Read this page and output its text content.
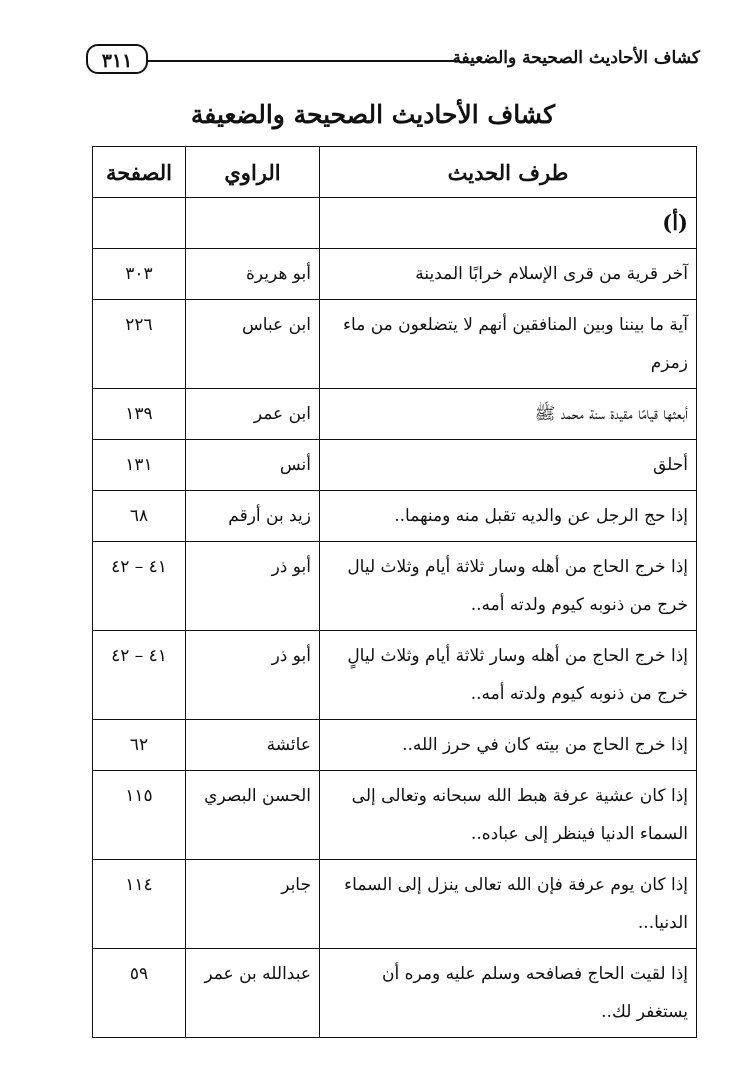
كشاف الأحاديث الصحيحة والضعيفة
٣١١
كشاف الأحاديث الصحيحة والضعيفة
طرف الحديث	الراوي	الصفحة
(أ)		
آخر قرية من قرى الإسلام خرابًا المدينة	أبو هريرة	٣٠٣
آية ما بيننا وبين المنافقين أنهم لا يتضلعون من ماء زمزم	ابن عباس	٢٢٦
أبعثها قيامًا مقيدة سنة محمد ﷺ	ابن عمر	١٣٩
أحلق	أنس	١٣١
إذا حج الرجل عن والديه تقبل منه ومنهما..	زيد بن أرقم	٦٨
إذا خرج الحاج من أهله وسار ثلاثة أيام وثلاث ليال خرج من ذنوبه كيوم ولدته أمه..	أبو ذر	٤١ – ٤٢
إذا خرج الحاج من أهله وسار ثلاثة أيام وثلاث ليالٍ خرج من ذنوبه كيوم ولدته أمه..	أبو ذر	٤١ – ٤٢
إذا خرج الحاج من بيته كان في حرز الله..	عائشة	٦٢
إذا كان عشية عرفة هبط الله سبحانه وتعالى إلى السماء الدنيا فينظر إلى عباده..	الحسن البصري	١١٥
إذا كان يوم عرفة فإن الله تعالى ينزل إلى السماء الدنيا...	جابر	١١٤
إذا لقيت الحاج فصافحه وسلم عليه ومره أن يستغفر لك..	عبدالله بن عمر	٥٩
